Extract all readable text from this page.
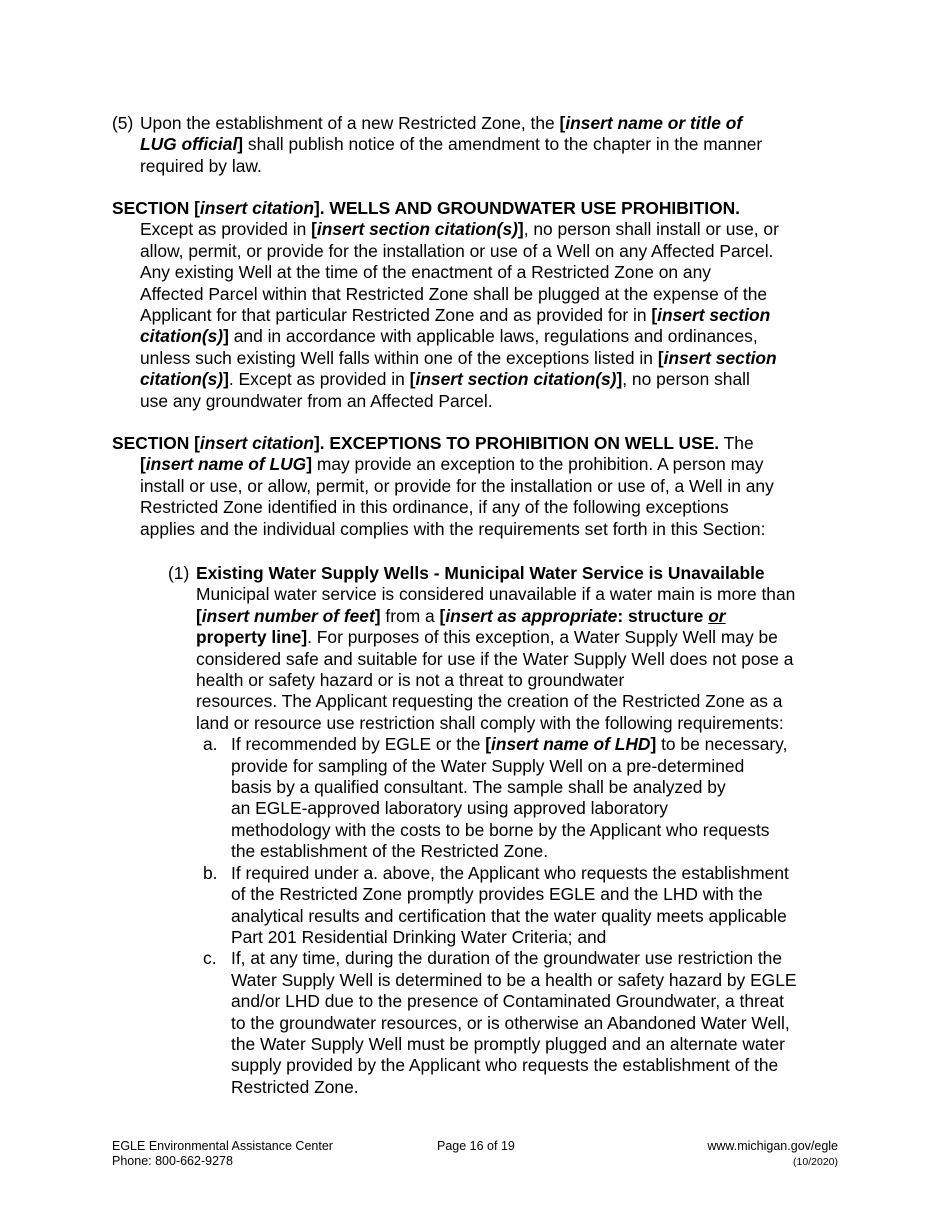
(5) Upon the establishment of a new Restricted Zone, the [insert name or title of
LUG official] shall publish notice of the amendment to the chapter in the manner
required by law.
SECTION [insert citation]. WELLS AND GROUNDWATER USE PROHIBITION.
Except as provided in [insert section citation(s)], no person shall install or use, or
allow, permit, or provide for the installation or use of a Well on any Affected Parcel.
Any existing Well at the time of the enactment of a Restricted Zone on any
Affected Parcel within that Restricted Zone shall be plugged at the expense of the
Applicant for that particular Restricted Zone and as provided for in [insert section
citation(s)] and in accordance with applicable laws, regulations and ordinances,
unless such existing Well falls within one of the exceptions listed in [insert section
citation(s)]. Except as provided in [insert section citation(s)], no person shall
use any groundwater from an Affected Parcel.
SECTION [insert citation]. EXCEPTIONS TO PROHIBITION ON WELL USE. The
[insert name of LUG] may provide an exception to the prohibition. A person may
install or use, or allow, permit, or provide for the installation or use of, a Well in any
Restricted Zone identified in this ordinance, if any of the following exceptions
applies and the individual complies with the requirements set forth in this Section:
(1) Existing Water Supply Wells - Municipal Water Service is Unavailable
Municipal water service is considered unavailable if a water main is more than
[insert number of feet] from a [insert as appropriate: structure or
property line]. For purposes of this exception, a Water Supply Well may be
considered safe and suitable for use if the Water Supply Well does not pose a
health or safety hazard or is not a threat to groundwater
resources. The Applicant requesting the creation of the Restricted Zone as a
land or resource use restriction shall comply with the following requirements:
a. If recommended by EGLE or the [insert name of LHD] to be necessary,
provide for sampling of the Water Supply Well on a pre-determined
basis by a qualified consultant. The sample shall be analyzed by
an EGLE-approved laboratory using approved laboratory
methodology with the costs to be borne by the Applicant who requests
the establishment of the Restricted Zone.
b. If required under a. above, the Applicant who requests the establishment
of the Restricted Zone promptly provides EGLE and the LHD with the
analytical results and certification that the water quality meets applicable
Part 201 Residential Drinking Water Criteria; and
c. If, at any time, during the duration of the groundwater use restriction the
Water Supply Well is determined to be a health or safety hazard by EGLE
and/or LHD due to the presence of Contaminated Groundwater, a threat
to the groundwater resources, or is otherwise an Abandoned Water Well,
the Water Supply Well must be promptly plugged and an alternate water
supply provided by the Applicant who requests the establishment of the
Restricted Zone.
EGLE Environmental Assistance Center
Phone: 800-662-9278
Page 16 of 19	www.michigan.gov/egle
(10/2020)
